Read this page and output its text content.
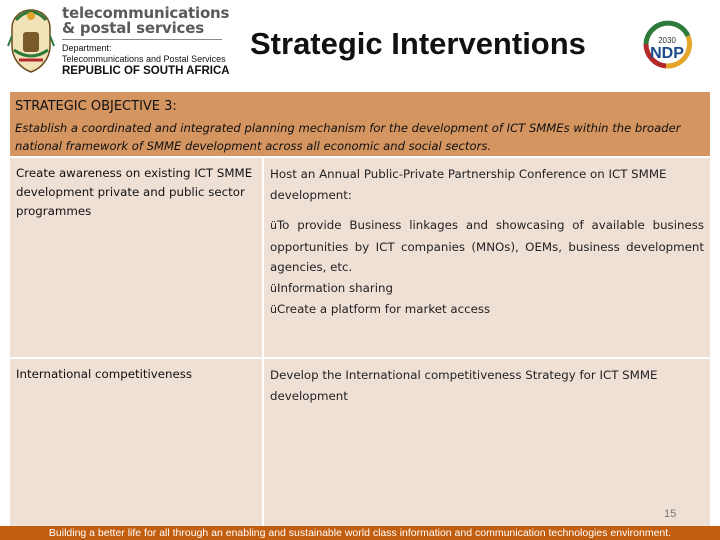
telecommunications
& postal services
Department:
Telecommunications and Postal Services
REPUBLIC OF SOUTH AFRICA
Strategic Interventions	2030
NDP
STRATEGIC OBJECTIVE 3:
Establish a coordinated and integrated planning mechanism for the development of ICT SMMEs within the broader national framework of SMME development across all economic and social sectors.
Create awareness on existing ICT SMME development private and public sector programmes

Host an Annual Public-Private Partnership Conference on ICT SMME development:

üTo provide Business linkages and showcasing of available business opportunities by ICT companies (MNOs), OEMs, business development agencies, etc.

üInformation sharing

üCreate a platform for market access

International competitiveness	Develop the International competitiveness Strategy for ICT SMME development

15
Building a better life for all through an enabling and sustainable world class information and communication technologies environment.
